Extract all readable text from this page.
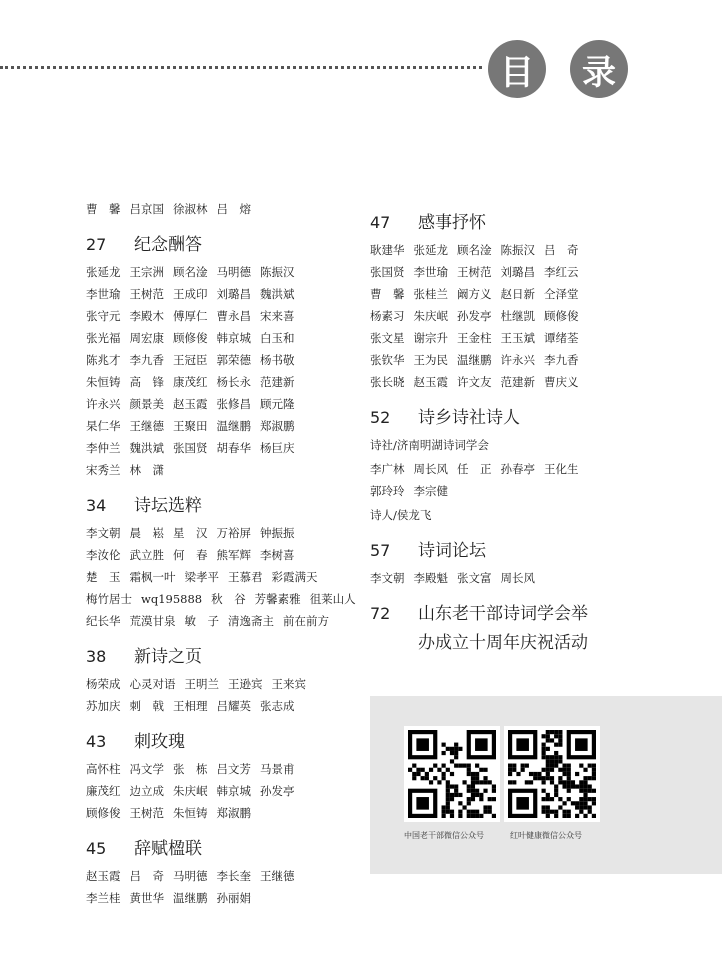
目	录
曹　馨 吕京国 徐淑林 吕　熔
27	纪念酬答
张延龙 王宗洲 顾名淦 马明德 陈振汉
李世瑜 王树范 王成印 刘璐昌 魏洪斌
张守元 李殿木 傅厚仁 曹永昌 宋来喜
张光福 周宏康 顾修俊 韩京城 白玉和
陈兆才 李九香 王冠臣 郭荣德 杨书敬
朱恒铸 高　锋 康茂红 杨长永 范建新
许永兴 颜景美 赵玉霞 张修昌 顾元隆
杲仁华 王继德 王聚田 温继鹏 郑淑鹏
李仲兰 魏洪斌 张国贤 胡春华 杨巨庆
宋秀兰 林　潇
34	诗坛选粹
李文朝 晨　崧 星　汉 万裕屏 钟振振
李汝伦 武立胜 何　春 熊军辉 李树喜
楚　玉 霜枫一叶 梁孝平 王慕君 彩霞满天
梅竹居士 wq195888 秋　谷 芳馨素雅 徂莱山人
纪长华 荒漠甘泉 敏　子 清逸斋主 前在前方
38	新诗之页
杨荣成 心灵对语 王明兰 王逊宾 王来宾
苏加庆 刺　戟 王相理 吕耀英 张志成
43	刺玫瑰
高怀柱 冯文学 张　栋 吕文芳 马景甫
廉茂红 边立成 朱庆岷 韩京城 孙发亭
顾修俊 王树范 朱恒铸 郑淑鹏
45	辞赋楹联
赵玉霞 吕　奇 马明德 李长奎 王继德
李兰桂 黄世华 温继鹏 孙丽娟
47	感事抒怀
耿建华 张延龙 顾名淦 陈振汉 吕　奇
张国贤 李世瑜 王树范 刘璐昌 李红云
曹　馨 张桂兰 阚方义 赵日新 仝泽堂
杨素习 朱庆岷 孙发亭 杜继凯 顾修俊
张文星 谢宗升 王金柱 王玉斌 谭绪荃
张钦华 王为民 温继鹏 许永兴 李九香
张长晓 赵玉霞 许文友 范建新 曹庆义
52	诗乡诗社诗人
诗社/济南明湖诗词学会
李广林 周长风 任　正 孙春亭 王化生
郭玲玲 李宗健
诗人/侯龙飞
57	诗词论坛
李文朝 李殿魁 张文富 周长风
72	山东老干部诗词学会举
办成立十周年庆祝活动
中国老干部微信公众号	红叶健康微信公众号
